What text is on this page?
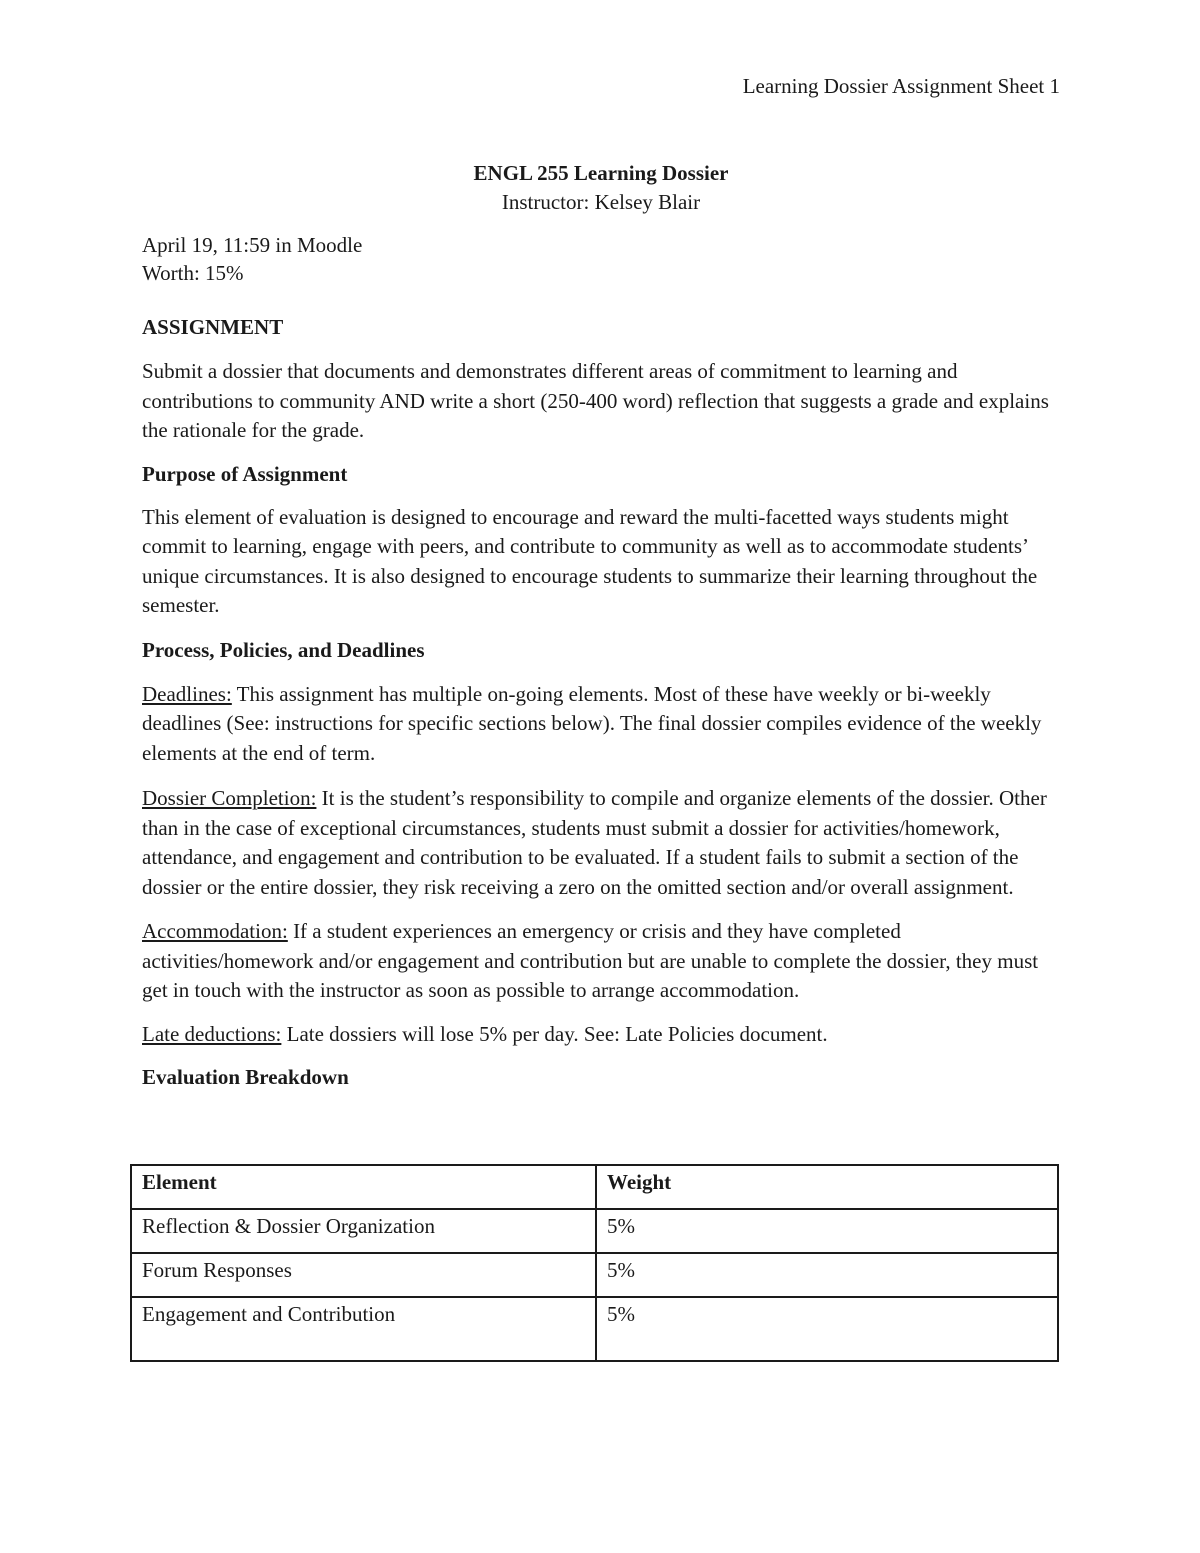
Learning Dossier Assignment Sheet 1
ENGL 255 Learning Dossier
Instructor: Kelsey Blair
April 19, 11:59 in Moodle
Worth: 15%
ASSIGNMENT

Submit a dossier that documents and demonstrates different areas of commitment to learning and contributions to community AND write a short (250-400 word) reflection that suggests a grade and explains the rationale for the grade.

Purpose of Assignment

This element of evaluation is designed to encourage and reward the multi-facetted ways students might commit to learning, engage with peers, and contribute to community as well as to accommodate students’ unique circumstances. It is also designed to encourage students to summarize their learning throughout the semester.

Process, Policies, and Deadlines

Deadlines: This assignment has multiple on-going elements. Most of these have weekly or bi-weekly deadlines (See: instructions for specific sections below). The final dossier compiles evidence of the weekly elements at the end of term.

Dossier Completion: It is the student’s responsibility to compile and organize elements of the dossier. Other than in the case of exceptional circumstances, students must submit a dossier for activities/homework, attendance, and engagement and contribution to be evaluated. If a student fails to submit a section of the dossier or the entire dossier, they risk receiving a zero on the omitted section and/or overall assignment.

Accommodation: If a student experiences an emergency or crisis and they have completed activities/homework and/or engagement and contribution but are unable to complete the dossier, they must get in touch with the instructor as soon as possible to arrange accommodation.

Late deductions: Late dossiers will lose 5% per day. See: Late Policies document.

Evaluation Breakdown
Element	Weight
Reflection & Dossier Organization	5%
Forum Responses	5%
Engagement and Contribution	5%
